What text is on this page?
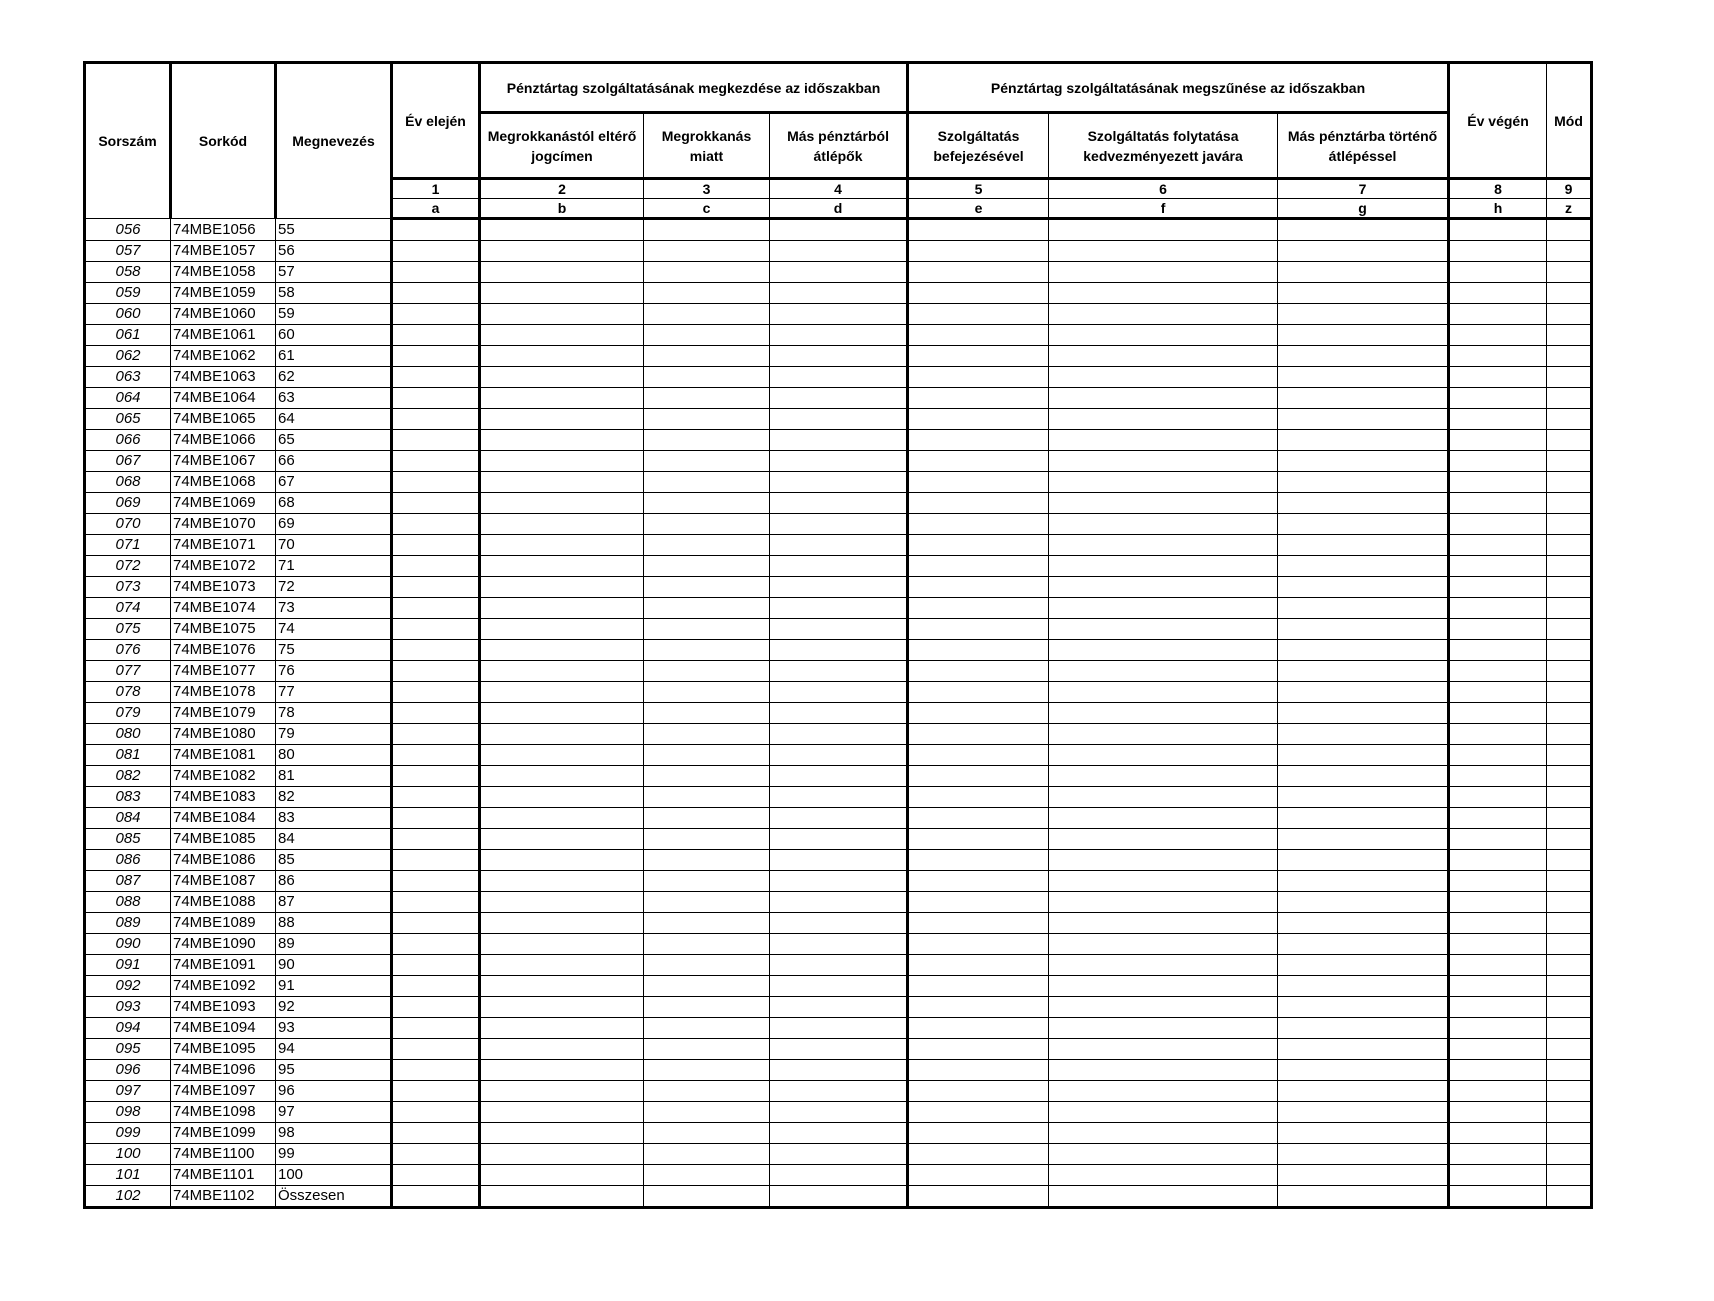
Sorszám	Sorkód	Megnevezés	Év elején	Pénztártag szolgáltatásának megkezdése az időszakban			Pénztártag szolgáltatásának megszűnése az időszakban			Év végén	Mód
				Megrokkanástól eltérő jogcímen	Megrokkanás miatt	Más pénztárból átlépők	Szolgáltatás befejezésével	Szolgáltatás folytatása kedvezményezett javára	Más pénztárba történő átlépéssel		
			1	2	3	4	5	6	7	8	9
			a	b	c	d	e	f	g	h	z
056	74MBE1056	55									
057	74MBE1057	56									
058	74MBE1058	57									
059	74MBE1059	58									
060	74MBE1060	59									
061	74MBE1061	60									
062	74MBE1062	61									
063	74MBE1063	62									
064	74MBE1064	63									
065	74MBE1065	64									
066	74MBE1066	65									
067	74MBE1067	66									
068	74MBE1068	67									
069	74MBE1069	68									
070	74MBE1070	69									
071	74MBE1071	70									
072	74MBE1072	71									
073	74MBE1073	72									
074	74MBE1074	73									
075	74MBE1075	74									
076	74MBE1076	75									
077	74MBE1077	76									
078	74MBE1078	77									
079	74MBE1079	78									
080	74MBE1080	79									
081	74MBE1081	80									
082	74MBE1082	81									
083	74MBE1083	82									
084	74MBE1084	83									
085	74MBE1085	84									
086	74MBE1086	85									
087	74MBE1087	86									
088	74MBE1088	87									
089	74MBE1089	88									
090	74MBE1090	89									
091	74MBE1091	90									
092	74MBE1092	91									
093	74MBE1093	92									
094	74MBE1094	93									
095	74MBE1095	94									
096	74MBE1096	95									
097	74MBE1097	96									
098	74MBE1098	97									
099	74MBE1099	98									
100	74MBE1100	99									
101	74MBE1101	100									
102	74MBE1102	Összesen									
